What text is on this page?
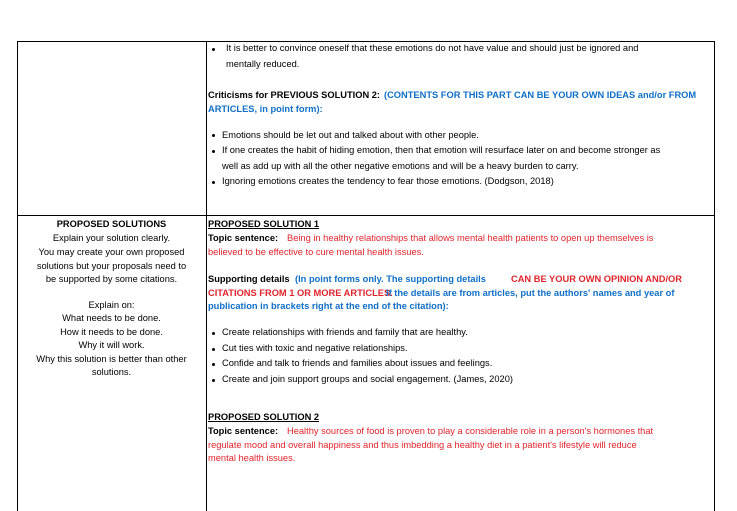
It is better to convince oneself that these emotions do not have value and should just be ignored and
mentally reduced.
Criticisms for PREVIOUS SOLUTION 2: (CONTENTS FOR THIS PART CAN BE YOUR OWN IDEAS and/or FROM
ARTICLES, in point form):
Emotions should be let out and talked about with other people.
If one creates the habit of hiding emotion, then that emotion will resurface later on and become stronger as
well as add up with all the other negative emotions and will be a heavy burden to carry.
Ignoring emotions creates the tendency to fear those emotions. (Dodgson, 2018)
PROPOSED SOLUTIONS
Explain your solution clearly.
You may create your own proposed
solutions but your proposals need to
be supported by some citations.
Explain on:
What needs to be done.
How it needs to be done.
Why it will work.
Why this solution is better than other
solutions.
PROPOSED SOLUTION 1
Topic sentence: Being in healthy relationships that allows mental health patients to open up themselves is
believed to be effective to cure mental health issues.
Supporting details (In point forms only. The supporting details	CAN BE YOUR OWN OPINION AND/OR
CITATIONS FROM 1 OR MORE ARTICLES.
If the details are from articles, put the authors' names and year of
publication in brackets right at the end of the citation):
Create relationships with friends and family that are healthy.
Cut ties with toxic and negative relationships.
Confide and talk to friends and families about issues and feelings.
Create and join support groups and social engagement. (James, 2020)
PROPOSED SOLUTION 2
Topic sentence: Healthy sources of food is proven to play a considerable role in a person's hormones that
regulate mood and overall happiness and thus imbedding a healthy diet in a patient's lifestyle will reduce
mental health issues.
